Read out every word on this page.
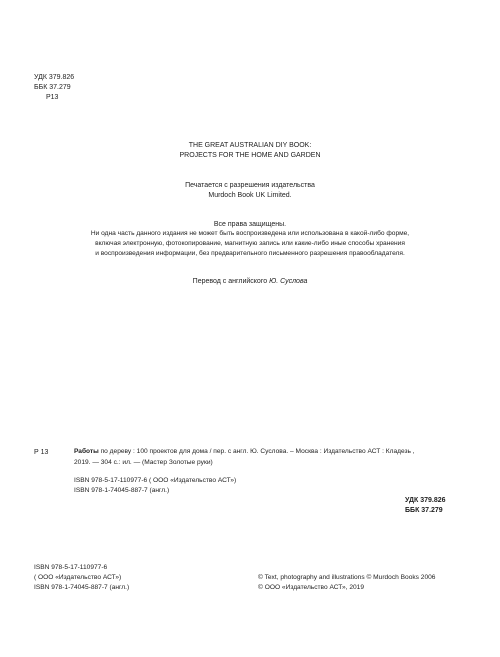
УДК 379.826
ББК 37.279
Р13
THE GREAT AUSTRALIAN DIY BOOK:
PROJECTS FOR THE HOME AND GARDEN
Печатается с разрешения издательства
Murdoch Book UK Limited.
Все права защищены.
Ни одна часть данного издания не может быть воспроизведена или использована в какой-либо форме,
включая электронную, фотокопирование, магнитную запись или какие-либо иные способы хранения
и воспроизведения информации, без предварительного письменного разрешения правообладателя.
Перевод с английского Ю. Суслова
Р 13	Работы по дереву : 100 проектов для дома / пер. с англ. Ю. Суслова. – Москва : Издательство АСТ : Кладезь ,
2019. — 304 с.: ил. — (Мастер Золотые руки)
ISBN 978-5-17-110977-6 ( ООО «Издательство АСТ»)
ISBN 978-1-74045-887-7 (англ.)
УДК 379.826
ББК 37.279
ISBN 978-5-17-110977-6
( ООО «Издательство АСТ»)
ISBN 978-1-74045-887-7 (англ.)
© Text, photography and illustrations © Murdoch Books 2006
© ООО «Издательство АСТ», 2019
